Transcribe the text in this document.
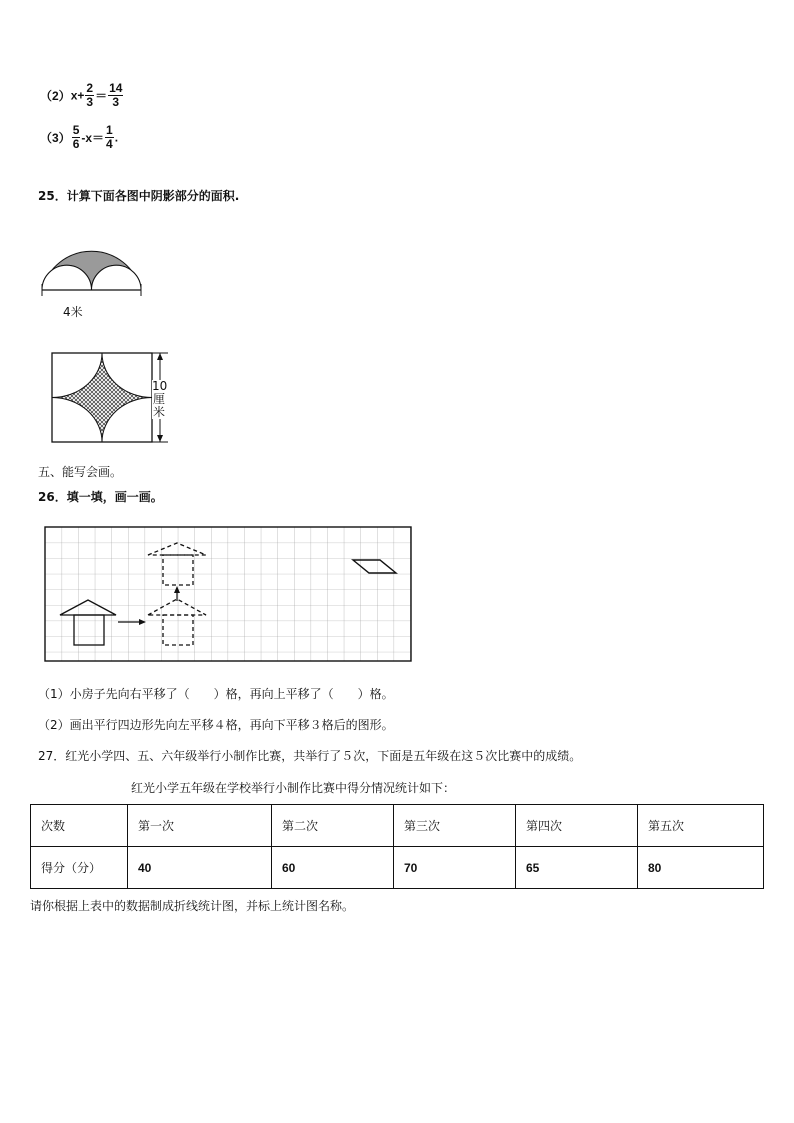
$(2)x+ \frac{2}{3} = \frac{14}{3}$
$(3) \frac{5}{6} -x= \frac{1}{4}$ .
25．计算下面各图中阴影部分的面积.
4米
10
厘
米
五、能写会画。
26．填一填，画一画。
（1）小房子先向右平移了（　　）格，再向上平移了（　　）格。
（2）画出平行四边形先向左平移４格，再向下平移３格后的图形。
27．红光小学四、五、六年级举行小制作比赛，共举行了５次，下面是五年级在这５次比赛中的成绩。
红光小学五年级在学校举行小制作比赛中得分情况统计如下：
次数	第一次	第二次	第三次	第四次	第五次
得分（分）	40	60	70	65	80
请你根据上表中的数据制成折线统计图，并标上统计图名称。
